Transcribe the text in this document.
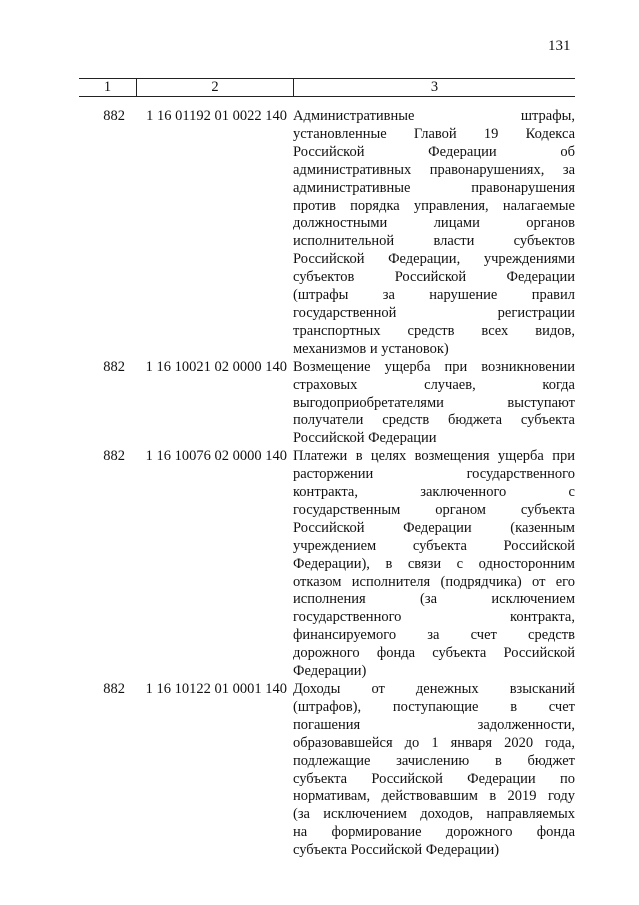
131
1	2	3
882	1 16 01192 01 0022 140 Административные штрафы,
установленные Главой 19 Кодекса
Российской Федерации об
административных правонарушениях, за
административные правонарушения
против порядка управления, налагаемые
должностными лицами органов
исполнительной власти субъектов
Российской Федерации, учреждениями
субъектов Российской Федерации
(штрафы за нарушение правил
государственной регистрации
транспортных средств всех видов,
механизмов и установок)
882	1 16 10021 02 0000 140 Возмещение ущерба при возникновении
страховых случаев, когда
выгодоприобретателями выступают
получатели средств бюджета субъекта
Российской Федерации
882	1 16 10076 02 0000 140 Платежи в целях возмещения ущерба при
расторжении государственного
контракта, заключенного с
государственным органом субъекта
Российской Федерации (казенным
учреждением субъекта Российской
Федерации), в связи с односторонним
отказом исполнителя (подрядчика) от его
исполнения (за исключением
государственного контракта,
финансируемого за счет средств
дорожного фонда субъекта Российской
Федерации)
882	1 16 10122 01 0001 140 Доходы от денежных взысканий
(штрафов), поступающие в счет
погашения задолженности,
образовавшейся до 1 января 2020 года,
подлежащие зачислению в бюджет
субъекта Российской Федерации по
нормативам, действовавшим в 2019 году
(за исключением доходов, направляемых
на формирование дорожного фонда
субъекта Российской Федерации)
